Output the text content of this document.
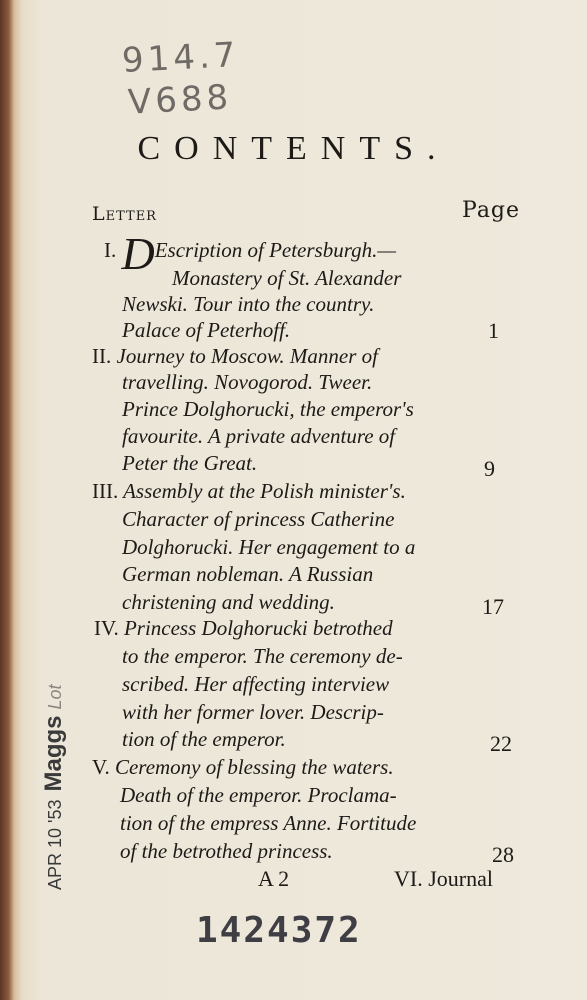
914.7
V688
CONTENTS.
Letter	Page
I. DEscription of Petersburgh.—
Monastery of St. Alexander
Newski. Tour into the country.
Palace of Peterhoff.	1
II. Journey to Moscow. Manner of
travelling. Novogorod. Tweer.
Prince Dolghorucki, the emperor's
favourite. A private adventure of
Peter the Great.	9
III. Assembly at the Polish minister's.
Character of princess Catherine
Dolghorucki. Her engagement to a
German nobleman. A Russian
christening and wedding.	17
IV. Princess Dolghorucki betrothed
to the emperor. The ceremony de-
scribed. Her affecting interview
with her former lover. Descrip-
tion of the emperor.	22
V. Ceremony of blessing the waters.
Death of the emperor. Proclama-
tion of the empress Anne. Fortitude
of the betrothed princess.	28
A 2	VI. Journal
1424372
APR 10 '53MaggsLot
